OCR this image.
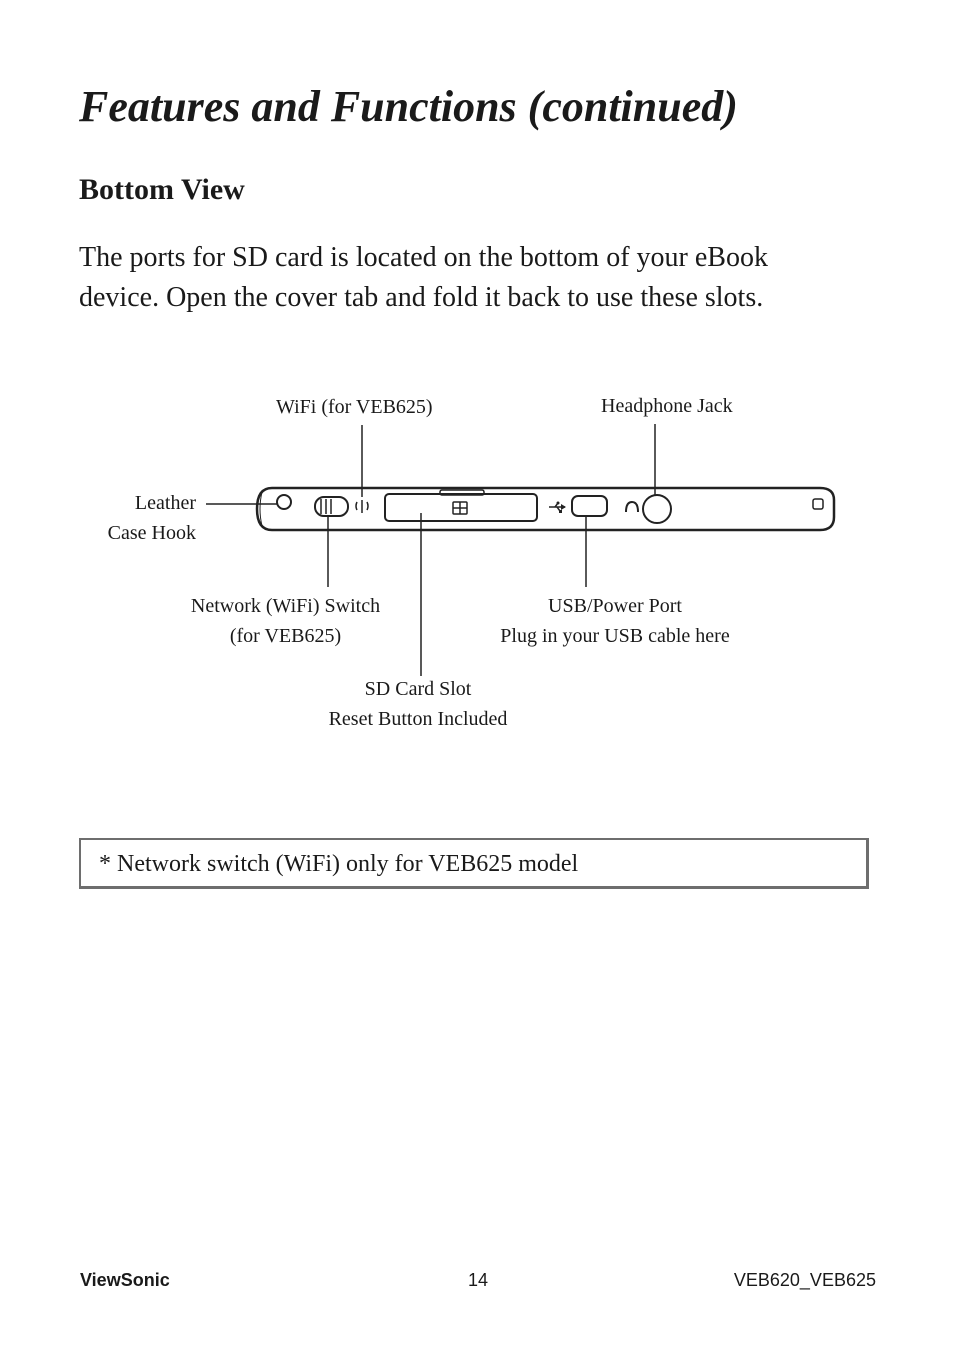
Features and Functions (continued)
Bottom View

The ports for SD card is located on the bottom of your eBook
device. Open the cover tab and fold it back to use these slots.

WiFi (for VEB625)	Headphone Jack
Leather
Case Hook
Network (WiFi) Switch
(for VEB625)
USB/Power Port
Plug in your USB cable here
SD Card Slot
Reset Button Included
* Network switch (WiFi) only for VEB625 model
ViewSonic	14	VEB620_VEB625
